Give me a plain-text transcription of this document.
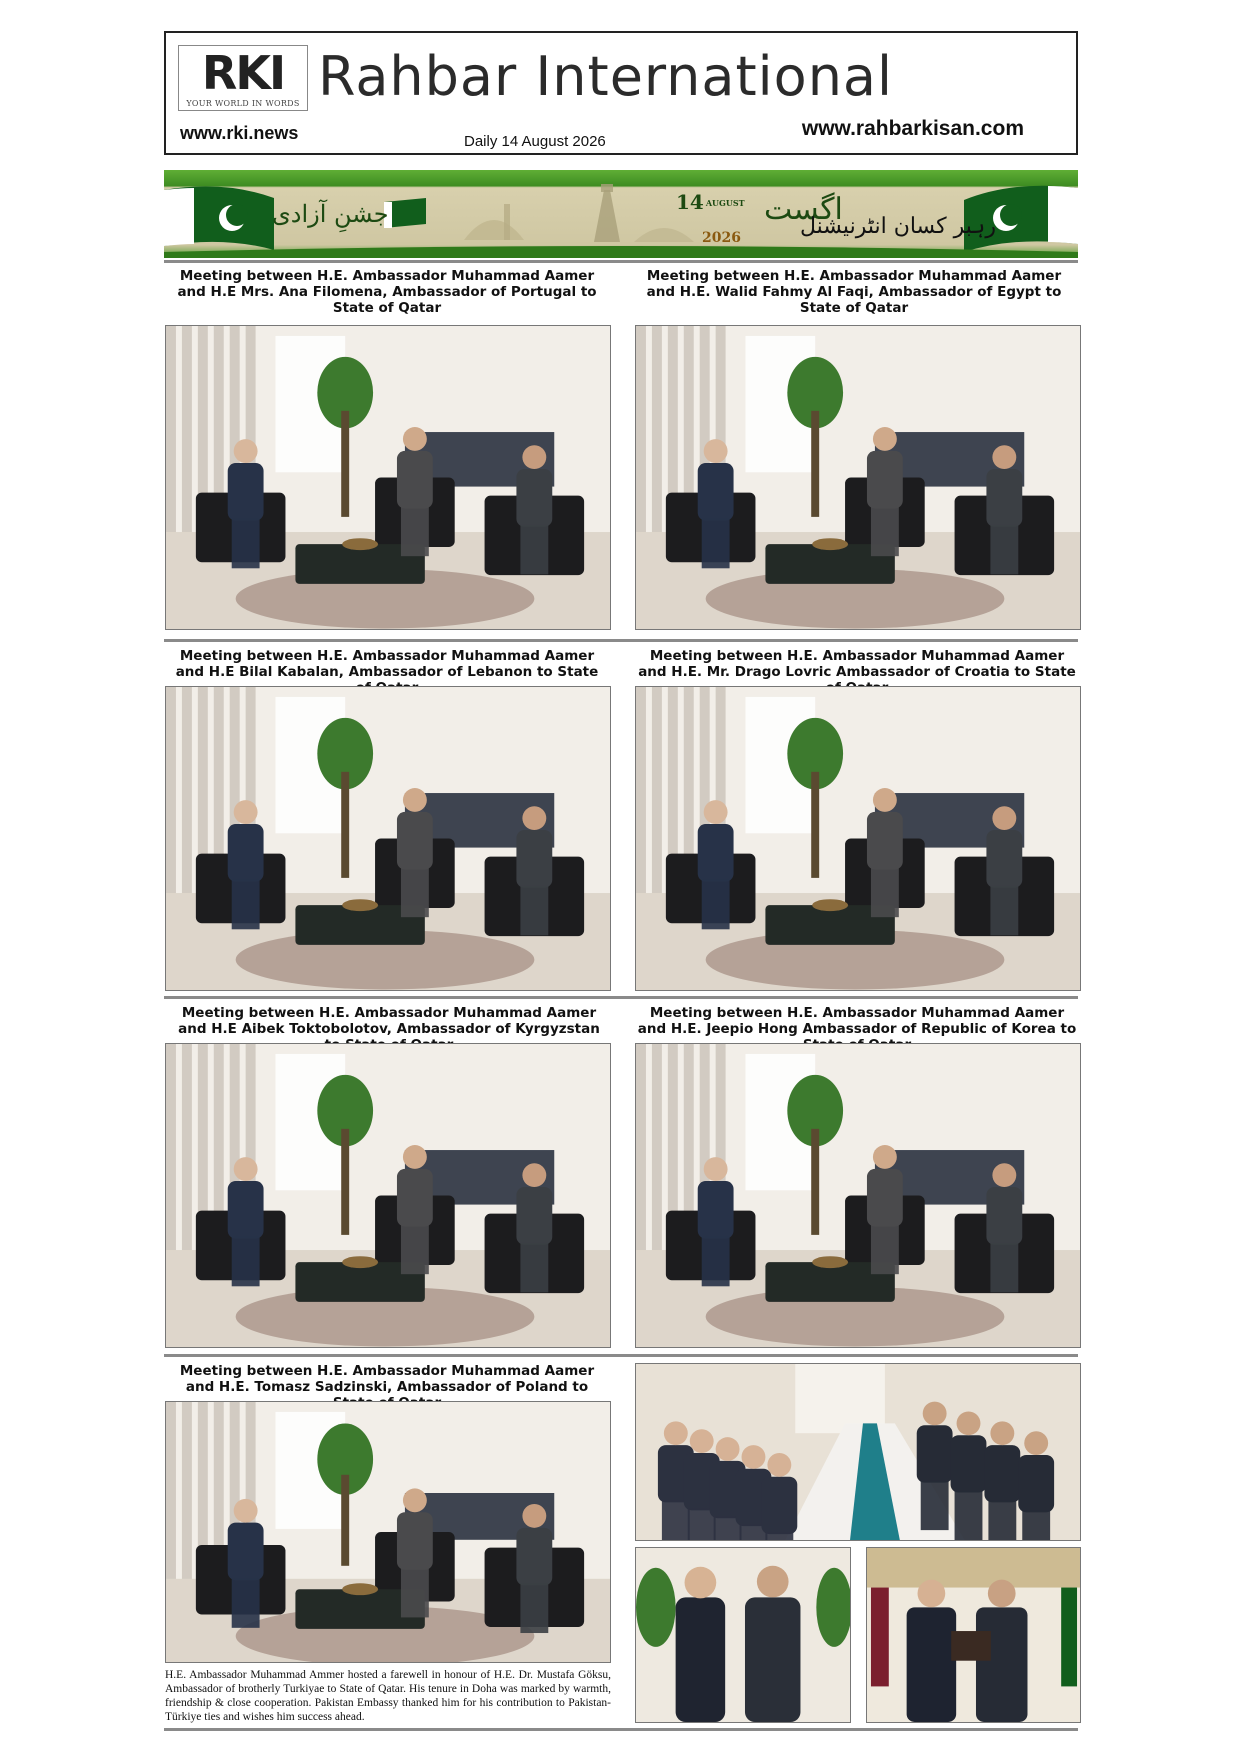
RKI
YOUR WORLD IN WORDS Rahbar International
www.rki.news	Daily 14 August 2026
www.rahbarkisan.com
جشنِ آزادی	14 AUGUST
2026
اگست
رہبر کسان انٹرنیشنل
Meeting between H.E. Ambassador Muhammad Aamer and H.E Mrs. Ana Filomena, Ambassador of Portugal to State of Qatar
Meeting between H.E. Ambassador Muhammad Aamer and H.E. Walid Fahmy Al Faqi, Ambassador of Egypt to State of Qatar
Meeting between H.E. Ambassador Muhammad Aamer and H.E Bilal Kabalan, Ambassador of Lebanon to State
Meeting between H.E. Ambassador Muhammad Aamer and H.E. Mr. Drago Lovric Ambassador of Croatia to State
Meeting between H.E. Ambassador Muhammad Aamer and H.E Aibek Toktobolotov, Ambassador of Kyrgyzstan
Meeting between H.E. Ambassador Muhammad Aamer and H.E. Jeepio Hong Ambassador of Republic of Korea to
Meeting between H.E. Ambassador Muhammad Aamer and H.E. Tomasz Sadzinski, Ambassador of Poland to
H.E. Ambassador Muhammad Ammer hosted a farewell in honour of H.E. Dr. Mustafa Göksu, Ambassador of brotherly Turkiyae to State of Qatar. His tenure in Doha was marked by warmth, friendship & close cooperation. Pakistan Embassy thanked him for his contribution to Pakistan-Türkiye ties and wishes him success ahead.
